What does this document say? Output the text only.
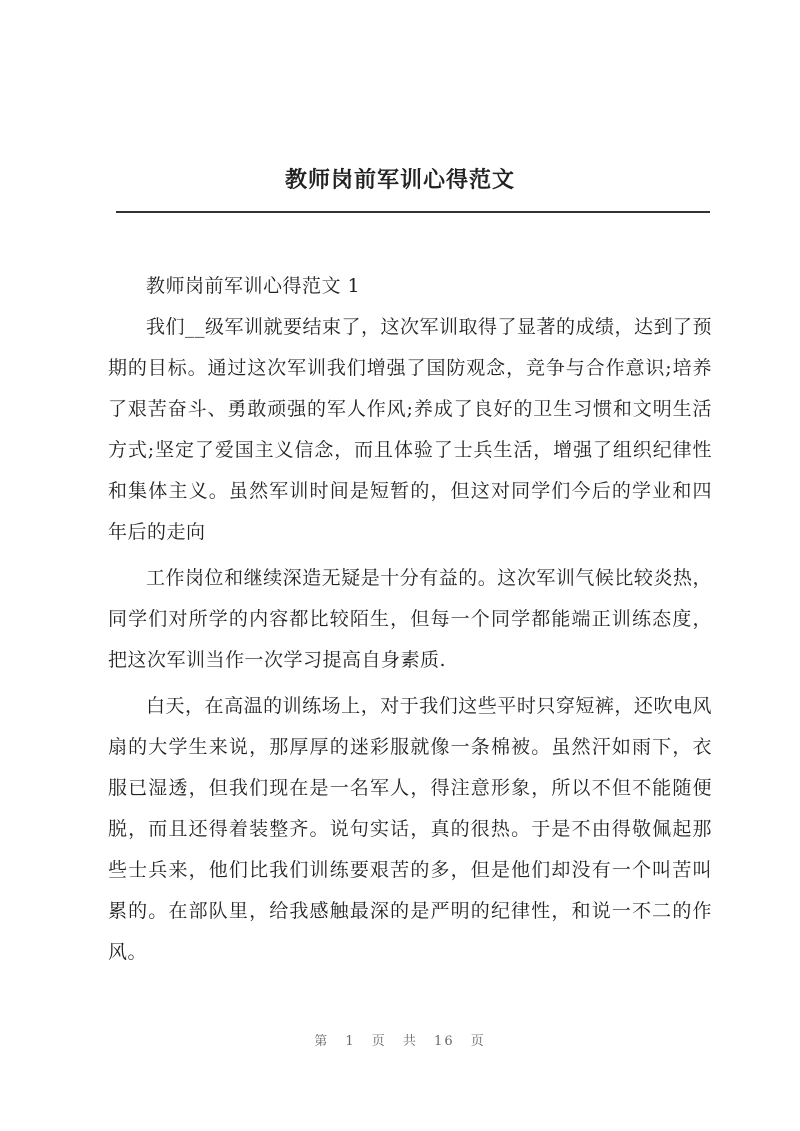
教师岗前军训心得范文

教师岗前军训心得范文 1

我们__级军训就要结束了，这次军训取得了显著的成绩，达到了预期的目标。通过这次军训我们增强了国防观念，竞争与合作意识;培养了艰苦奋斗、勇敢顽强的军人作风;养成了良好的卫生习惯和文明生活方式;坚定了爱国主义信念，而且体验了士兵生活，增强了组织纪律性和集体主义。虽然军训时间是短暂的，但这对同学们今后的学业和四年后的走向

工作岗位和继续深造无疑是十分有益的。这次军训气候比较炎热，同学们对所学的内容都比较陌生，但每一个同学都能端正训练态度，把这次军训当作一次学习提高自身素质.

白天，在高温的训练场上，对于我们这些平时只穿短裤，还吹电风扇的大学生来说，那厚厚的迷彩服就像一条棉被。虽然汗如雨下，衣服已湿透，但我们现在是一名军人，得注意形象，所以不但不能随便脱，而且还得着装整齐。说句实话，真的很热。于是不由得敬佩起那些士兵来，他们比我们训练要艰苦的多，但是他们却没有一个叫苦叫累的。在部队里，给我感触最深的是严明的纪律性，和说一不二的作风。

第 1 页 共 16 页
